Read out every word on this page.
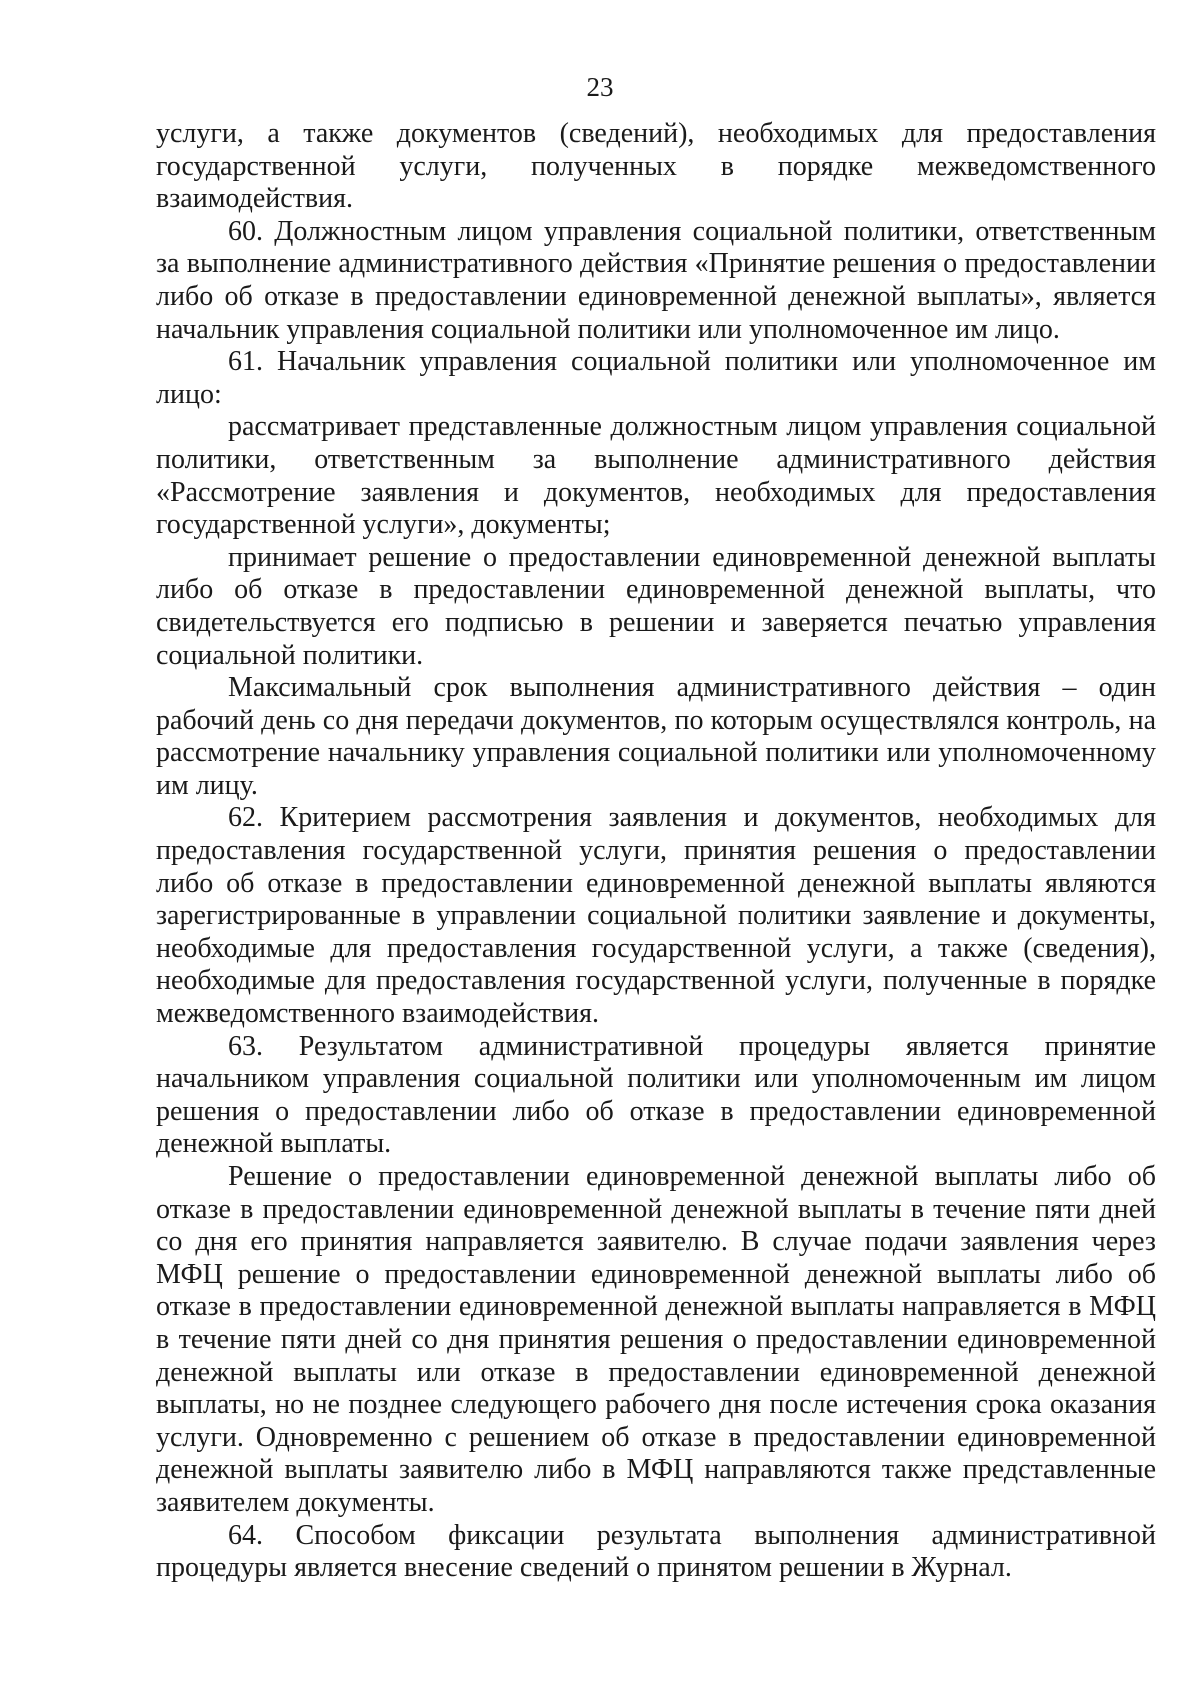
23

услуги, а также документов (сведений), необходимых для предоставления государственной услуги, полученных в порядке межведомственного взаимодействия.

60. Должностным лицом управления социальной политики, ответственным за выполнение административного действия «Принятие решения о предоставлении либо об отказе в предоставлении единовременной денежной выплаты», является начальник управления социальной политики или уполномоченное им лицо.

61. Начальник управления социальной политики или уполномоченное им лицо:

рассматривает представленные должностным лицом управления социальной политики, ответственным за выполнение административного действия «Рассмотрение заявления и документов, необходимых для предоставления государственной услуги», документы;

принимает решение о предоставлении единовременной денежной выплаты либо об отказе в предоставлении единовременной денежной выплаты, что свидетельствуется его подписью в решении и заверяется печатью управления социальной политики.

Максимальный срок выполнения административного действия – один рабочий день со дня передачи документов, по которым осуществлялся контроль, на рассмотрение начальнику управления социальной политики или уполномоченному им лицу.

62. Критерием рассмотрения заявления и документов, необходимых для предоставления государственной услуги, принятия решения о предоставлении либо об отказе в предоставлении единовременной денежной выплаты являются зарегистрированные в управлении социальной политики заявление и документы, необходимые для предоставления государственной услуги, а также (сведения), необходимые для предоставления государственной услуги, полученные в порядке межведомственного взаимодействия.

63. Результатом административной процедуры является принятие начальником управления социальной политики или уполномоченным им лицом решения о предоставлении либо об отказе в предоставлении единовременной денежной выплаты.

Решение о предоставлении единовременной денежной выплаты либо об отказе в предоставлении единовременной денежной выплаты в течение пяти дней со дня его принятия направляется заявителю. В случае подачи заявления через МФЦ решение о предоставлении единовременной денежной выплаты либо об отказе в предоставлении единовременной денежной выплаты направляется в МФЦ в течение пяти дней со дня принятия решения о предоставлении единовременной денежной выплаты или отказе в предоставлении единовременной денежной выплаты, но не позднее следующего рабочего дня после истечения срока оказания услуги. Одновременно с решением об отказе в предоставлении единовременной денежной выплаты заявителю либо в МФЦ направляются также представленные заявителем документы.

64. Способом фиксации результата выполнения административной процедуры является внесение сведений о принятом решении в Журнал.
